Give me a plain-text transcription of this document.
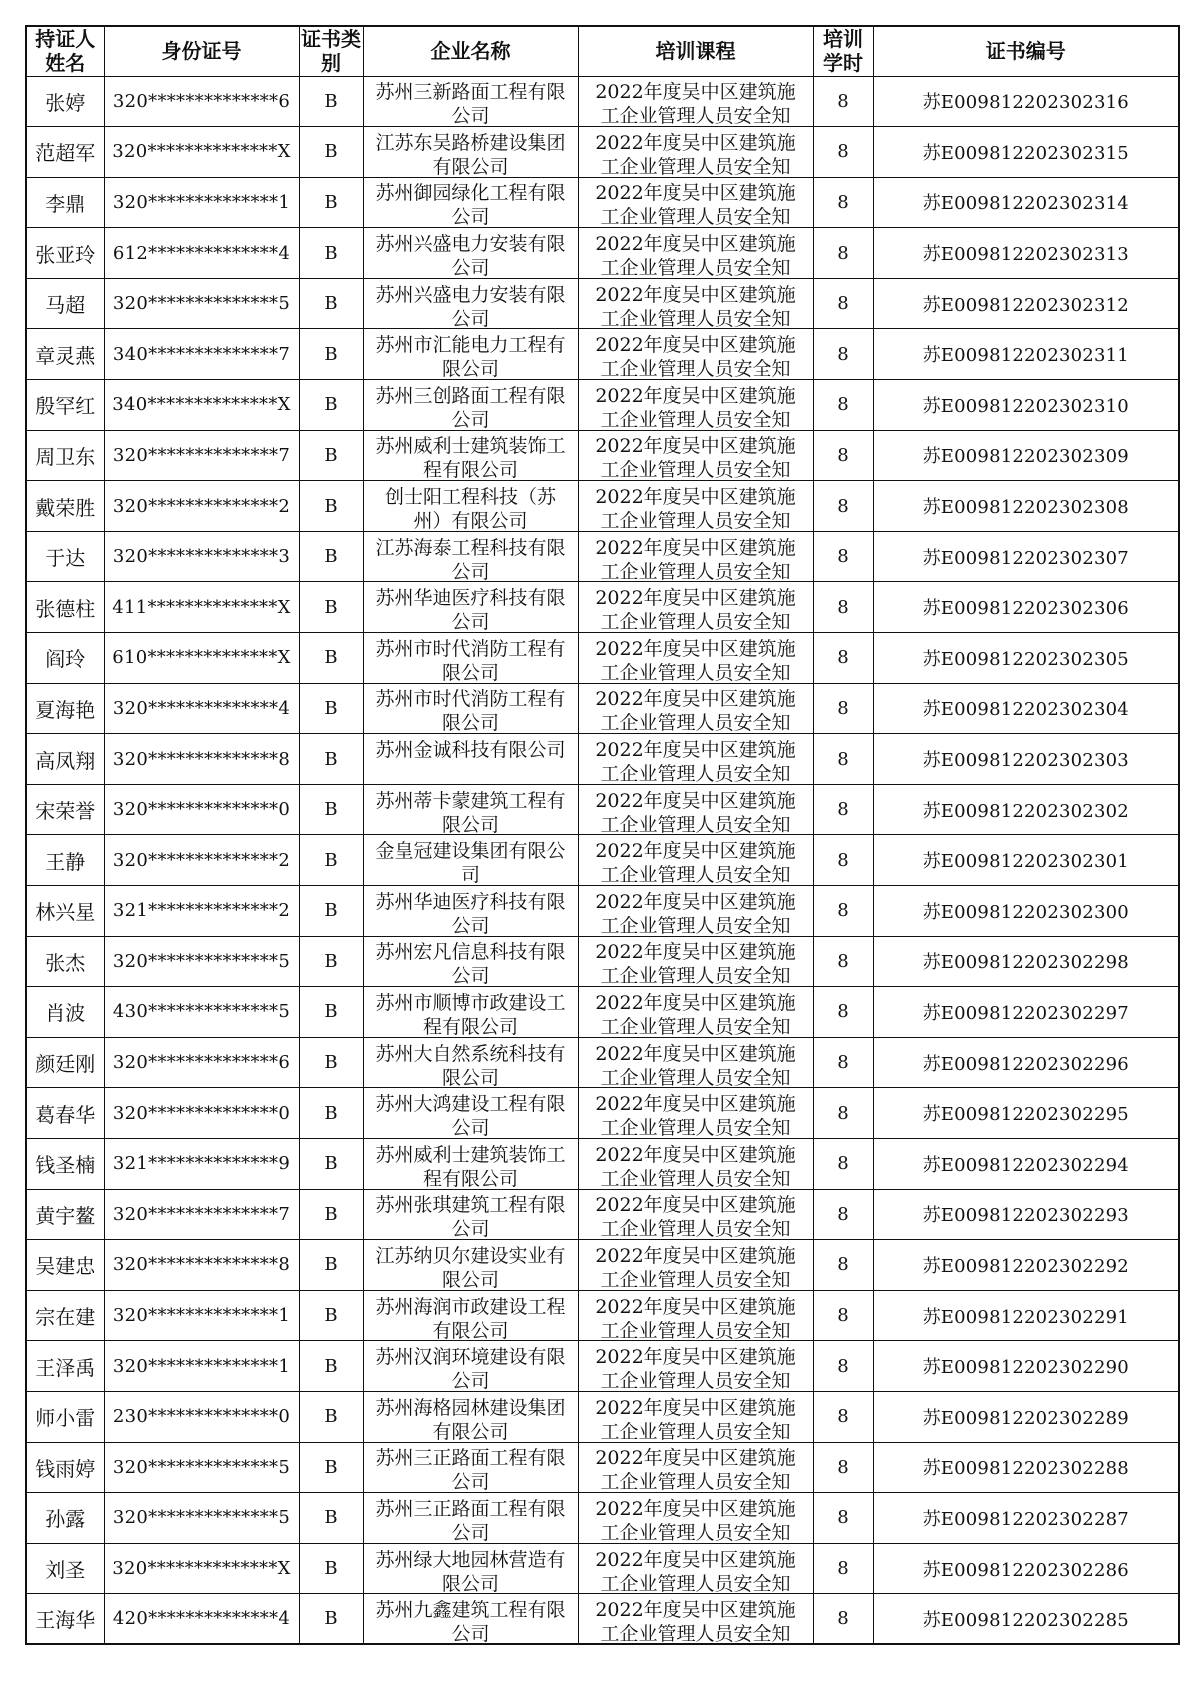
持证人姓名	身份证号	证书类别	企业名称	培训课程	培训学时	证书编号
张婷	320**************6	B	苏州三新路面工程有限公司	2022年度吴中区建筑施工企业管理人员安全知	8	苏E009812202302316
范超军	320**************X	B	江苏东吴路桥建设集团有限公司	2022年度吴中区建筑施工企业管理人员安全知	8	苏E009812202302315
李鼎	320**************1	B	苏州御园绿化工程有限公司	2022年度吴中区建筑施工企业管理人员安全知	8	苏E009812202302314
张亚玲	612**************4	B	苏州兴盛电力安装有限公司	2022年度吴中区建筑施工企业管理人员安全知	8	苏E009812202302313
马超	320**************5	B	苏州兴盛电力安装有限公司	2022年度吴中区建筑施工企业管理人员安全知	8	苏E009812202302312
章灵燕	340**************7	B	苏州市汇能电力工程有限公司	2022年度吴中区建筑施工企业管理人员安全知	8	苏E009812202302311
殷罕红	340**************X	B	苏州三创路面工程有限公司	2022年度吴中区建筑施工企业管理人员安全知	8	苏E009812202302310
周卫东	320**************7	B	苏州威利士建筑装饰工程有限公司	2022年度吴中区建筑施工企业管理人员安全知	8	苏E009812202302309
戴荣胜	320**************2	B	创士阳工程科技（苏州）有限公司	2022年度吴中区建筑施工企业管理人员安全知	8	苏E009812202302308
于达	320**************3	B	江苏海泰工程科技有限公司	2022年度吴中区建筑施工企业管理人员安全知	8	苏E009812202302307
张德柱	411**************X	B	苏州华迪医疗科技有限公司	2022年度吴中区建筑施工企业管理人员安全知	8	苏E009812202302306
阎玲	610**************X	B	苏州市时代消防工程有限公司	2022年度吴中区建筑施工企业管理人员安全知	8	苏E009812202302305
夏海艳	320**************4	B	苏州市时代消防工程有限公司	2022年度吴中区建筑施工企业管理人员安全知	8	苏E009812202302304
高凤翔	320**************8	B	苏州金诚科技有限公司	2022年度吴中区建筑施工企业管理人员安全知	8	苏E009812202302303
宋荣誉	320**************0	B	苏州蒂卡蒙建筑工程有限公司	2022年度吴中区建筑施工企业管理人员安全知	8	苏E009812202302302
王静	320**************2	B	金皇冠建设集团有限公司	2022年度吴中区建筑施工企业管理人员安全知	8	苏E009812202302301
林兴星	321**************2	B	苏州华迪医疗科技有限公司	2022年度吴中区建筑施工企业管理人员安全知	8	苏E009812202302300
张杰	320**************5	B	苏州宏凡信息科技有限公司	2022年度吴中区建筑施工企业管理人员安全知	8	苏E009812202302298
肖波	430**************5	B	苏州市顺博市政建设工程有限公司	2022年度吴中区建筑施工企业管理人员安全知	8	苏E009812202302297
颜廷刚	320**************6	B	苏州大自然系统科技有限公司	2022年度吴中区建筑施工企业管理人员安全知	8	苏E009812202302296
葛春华	320**************0	B	苏州大鸿建设工程有限公司	2022年度吴中区建筑施工企业管理人员安全知	8	苏E009812202302295
钱圣楠	321**************9	B	苏州威利士建筑装饰工程有限公司	2022年度吴中区建筑施工企业管理人员安全知	8	苏E009812202302294
黄宇鳌	320**************7	B	苏州张琪建筑工程有限公司	2022年度吴中区建筑施工企业管理人员安全知	8	苏E009812202302293
吴建忠	320**************8	B	江苏纳贝尔建设实业有限公司	2022年度吴中区建筑施工企业管理人员安全知	8	苏E009812202302292
宗在建	320**************1	B	苏州海润市政建设工程有限公司	2022年度吴中区建筑施工企业管理人员安全知	8	苏E009812202302291
王泽禹	320**************1	B	苏州汉润环境建设有限公司	2022年度吴中区建筑施工企业管理人员安全知	8	苏E009812202302290
师小雷	230**************0	B	苏州海格园林建设集团有限公司	2022年度吴中区建筑施工企业管理人员安全知	8	苏E009812202302289
钱雨婷	320**************5	B	苏州三正路面工程有限公司	2022年度吴中区建筑施工企业管理人员安全知	8	苏E009812202302288
孙露	320**************5	B	苏州三正路面工程有限公司	2022年度吴中区建筑施工企业管理人员安全知	8	苏E009812202302287
刘圣	320**************X	B	苏州绿大地园林营造有限公司	2022年度吴中区建筑施工企业管理人员安全知	8	苏E009812202302286
王海华	420**************4	B	苏州九鑫建筑工程有限公司	2022年度吴中区建筑施工企业管理人员安全知	8	苏E009812202302285
